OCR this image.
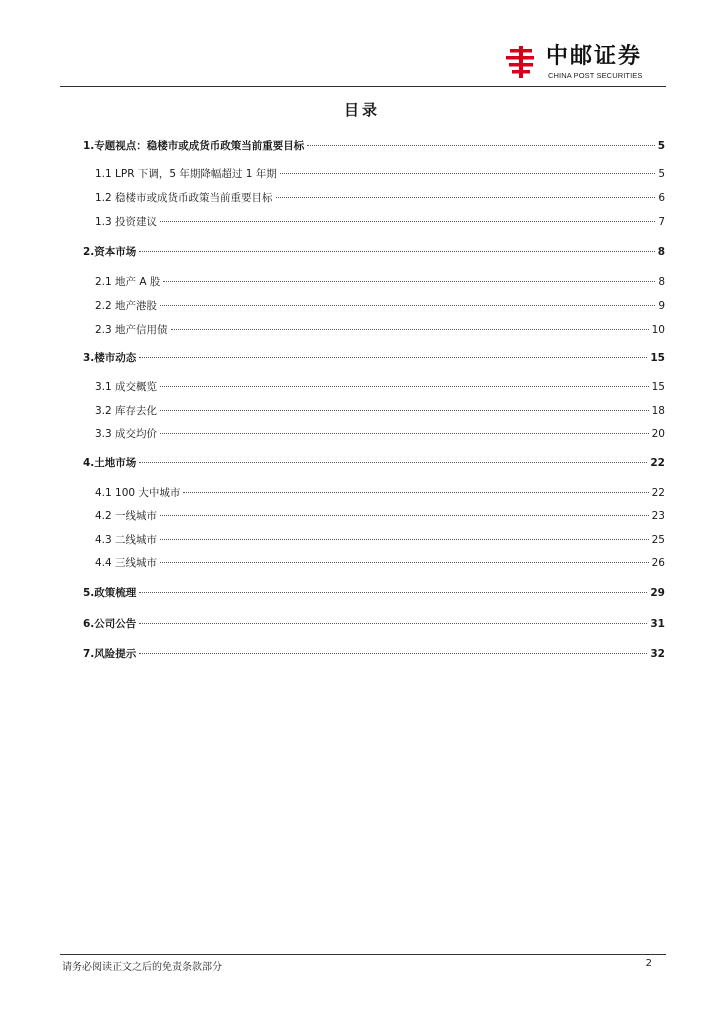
中邮证券
CHINA POST SECURITIES
目录
1.专题视点：稳楼市或成货币政策当前重要目标	5
1.1 LPR 下调，5 年期降幅超过 1 年期	5
1.2 稳楼市或成货币政策当前重要目标	6
1.3 投资建议	7
2.资本市场	8
2.1 地产 A 股	8
2.2 地产港股	9
2.3 地产信用债	10
3.楼市动态	15
3.1 成交概览	15
3.2 库存去化	18
3.3 成交均价	20
4.土地市场	22
4.1 100 大中城市	22
4.2 一线城市	23
4.3 二线城市	25
4.4 三线城市	26
5.政策梳理	29
6.公司公告	31
7.风险提示	32
请务必阅读正文之后的免责条款部分	2
